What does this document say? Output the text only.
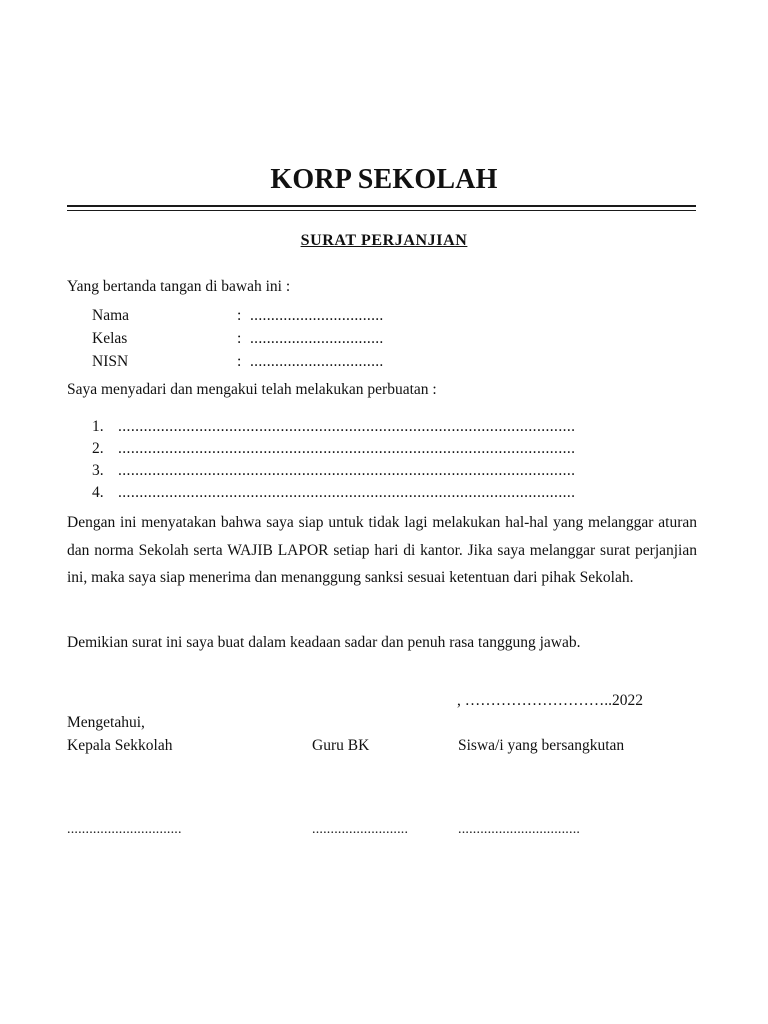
KORP SEKOLAH
SURAT PERJANJIAN
Yang bertanda tangan di bawah ini :
Nama	: ................................
Kelas	: ................................
NISN	: ................................
Saya menyadari dan mengakui telah melakukan perbuatan :
1. ...........................................................................................................
2. ...........................................................................................................
3. ...........................................................................................................
4. ...........................................................................................................
Dengan ini menyatakan bahwa saya siap untuk tidak lagi melakukan hal-hal yang melanggar aturan dan norma Sekolah serta WAJIB LAPOR setiap hari di kantor. Jika saya melanggar surat perjanjian ini, maka saya siap menerima dan menanggung sanksi sesuai ketentuan dari pihak Sekolah.
Demikian surat ini saya buat dalam keadaan sadar dan penuh rasa tanggung jawab.
, ………………………..2022
Mengetahui,
Kepala Sekkolah	Guru BK	Siswa/i yang bersangkutan
...............................	..........................	.................................
